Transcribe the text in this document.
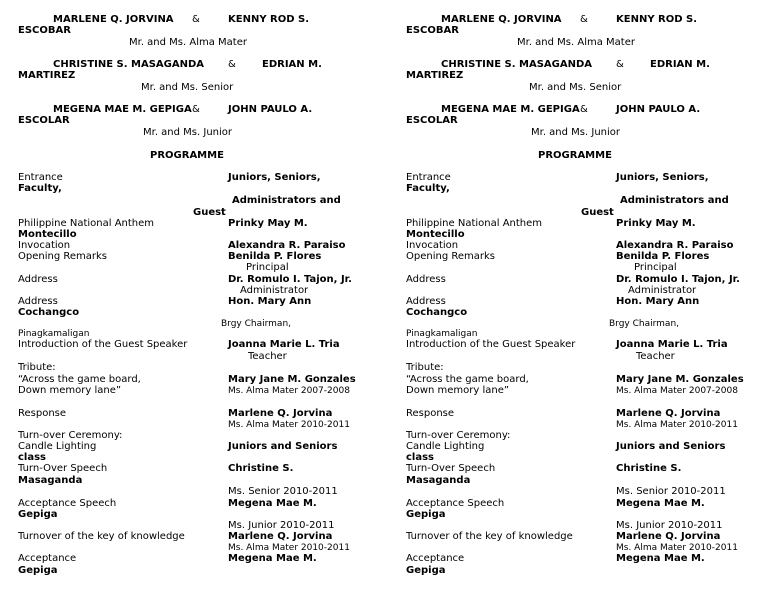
MARLENE Q. JORVINA &	KENNY ROD S.
ESCOBAR
Mr. and Ms. Alma Mater
CHRISTINE S. MASAGANDA &	EDRIAN M.
MARTIREZ
Mr. and Ms. Senior
MEGENA MAE M. GEPIGA &	JOHN PAULO A.
ESCOLAR
Mr. and Ms. Junior
PROGRAMME
Entrance	Juniors, Seniors,
Faculty,
Administrators and
Guest
Philippine National Anthem	Prinky May M.
Montecillo
Invocation	Alexandra R. Paraiso
Opening Remarks	Benilda P. Flores
Principal
Address	Dr. Romulo I. Tajon, Jr.
Administrator
Address	Hon. Mary Ann
Cochangco
Brgy Chairman,
Pinagkamaligan
Introduction of the Guest Speaker	Joanna Marie L. Tria
Teacher
Tribute:
“Across the game board,	Mary Jane M. Gonzales
Down memory lane”	Ms. Alma Mater 2007-2008
Response	Marlene Q. Jorvina
Ms. Alma Mater 2010-2011
Turn-over Ceremony:
Candle Lighting	Juniors and Seniors
class
Turn-Over Speech	Christine S.
Masaganda
Ms. Senior 2010-2011
Acceptance Speech	Megena Mae M.
Gepiga
Ms. Junior 2010-2011
Turnover of the key of knowledge	Marlene Q. Jorvina
Ms. Alma Mater 2010-2011
Acceptance	Megena Mae M.
Gepiga
MARLENE Q. JORVINA &	KENNY ROD S.
ESCOBAR
Mr. and Ms. Alma Mater
CHRISTINE S. MASAGANDA &	EDRIAN M.
MARTIREZ
Mr. and Ms. Senior
MEGENA MAE M. GEPIGA &	JOHN PAULO A.
ESCOLAR
Mr. and Ms. Junior
PROGRAMME
Entrance	Juniors, Seniors,
Faculty,
Administrators and
Guest
Philippine National Anthem	Prinky May M.
Montecillo
Invocation	Alexandra R. Paraiso
Opening Remarks	Benilda P. Flores
Principal
Address	Dr. Romulo I. Tajon, Jr.
Administrator
Address	Hon. Mary Ann
Cochangco
Brgy Chairman,
Pinagkamaligan
Introduction of the Guest Speaker	Joanna Marie L. Tria
Teacher
Tribute:
“Across the game board,	Mary Jane M. Gonzales
Down memory lane”	Ms. Alma Mater 2007-2008
Response	Marlene Q. Jorvina
Ms. Alma Mater 2010-2011
Turn-over Ceremony:
Candle Lighting	Juniors and Seniors
class
Turn-Over Speech	Christine S.
Masaganda
Ms. Senior 2010-2011
Acceptance Speech	Megena Mae M.
Gepiga
Ms. Junior 2010-2011
Turnover of the key of knowledge	Marlene Q. Jorvina
Ms. Alma Mater 2010-2011
Acceptance	Megena Mae M.
Gepiga
